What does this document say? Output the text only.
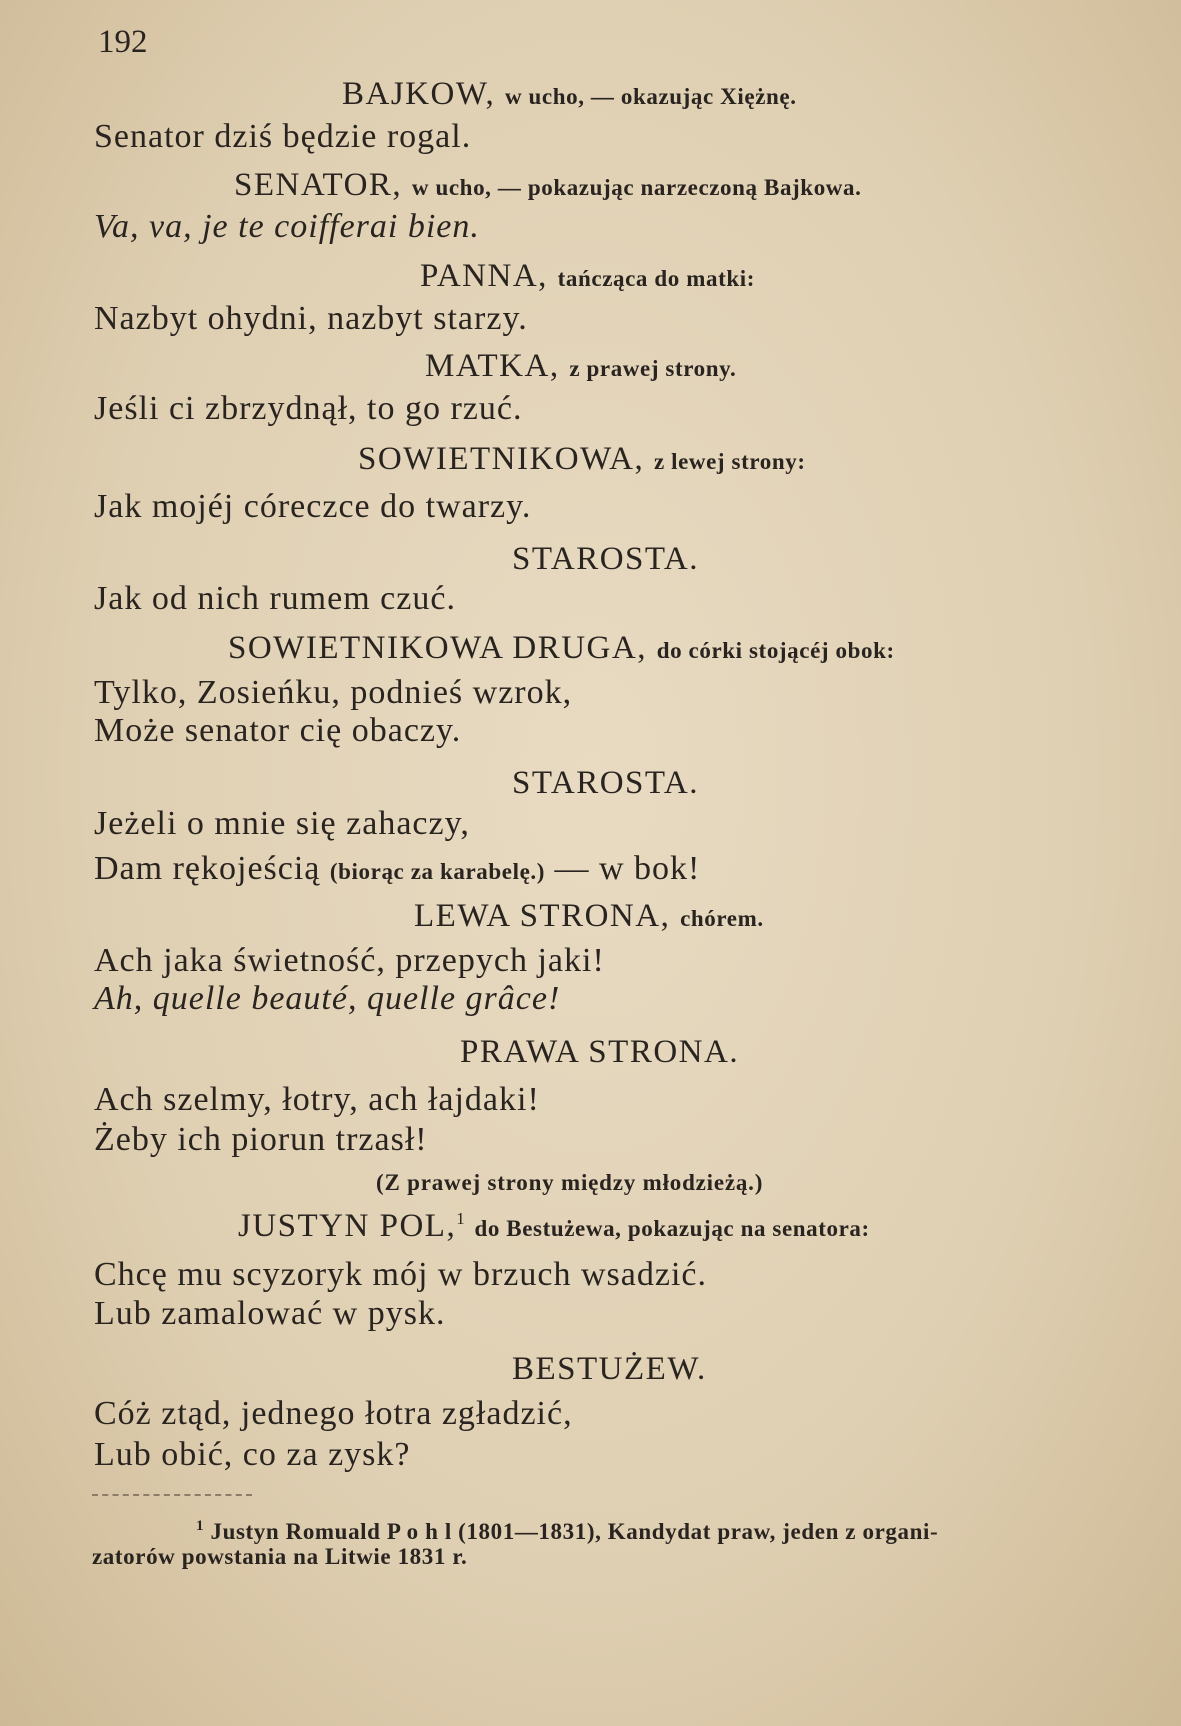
192
BAJKOW, w ucho, — okazując Xiężnę.
Senator dziś będzie rogal.
SENATOR, w ucho, — pokazując narzeczoną Bajkowa.
Va, va, je te coifferai bien.
PANNA, tańcząca do matki:
Nazbyt ohydni, nazbyt starzy.
MATKA, z prawej strony.
Jeśli ci zbrzydnął, to go rzuć.
SOWIETNIKOWA, z lewej strony:
Jak mojéj córeczce do twarzy.
STAROSTA.
Jak od nich rumem czuć.
SOWIETNIKOWA DRUGA, do córki stojącéj obok:
Tylko, Zosieńku, podnieś wzrok,
Może senator cię obaczy.
STAROSTA.
Jeżeli o mnie się zahaczy,
Dam rękojeścią (biorąc za karabelę.) — w bok!
LEWA STRONA, chórem.
Ach jaka świetność, przepych jaki!
Ah, quelle beauté, quelle grâce!
PRAWA STRONA.
Ach szelmy, łotry, ach łajdaki!
Żeby ich piorun trzasł!
(Z prawej strony między młodzieżą.)
JUSTYN POL,$^1$ do Bestużewa, pokazując na senatora:
Chcę mu scyzoryk mój w brzuch wsadzić.
Lub zamalować w pysk.
BESTUŻEW.
Cóż ztąd, jednego łotra zgładzić,
Lub obić, co za zysk?
$^1$ Justyn Romuald P o h l (1801—1831), Kandydat praw, jeden z organi-
zatorów powstania na Litwie 1831 r.
